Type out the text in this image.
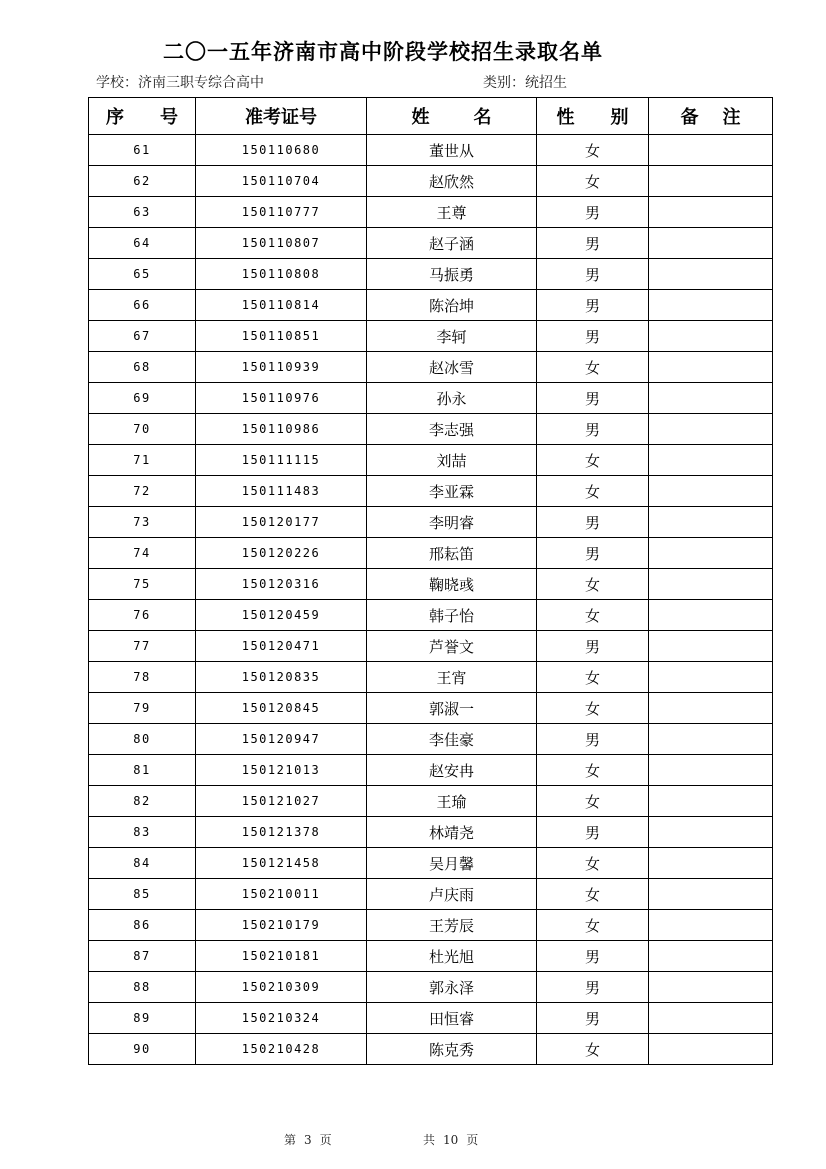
二〇一五年济南市高中阶段学校招生录取名单
学校：济南三职专综合高中	类别：统招生
序 号	准考证号	姓 名	性 别	备 注
61	150110680	董世从	女	
62	150110704	赵欣然	女	
63	150110777	王尊	男	
64	150110807	赵子涵	男	
65	150110808	马振勇	男	
66	150110814	陈治坤	男	
67	150110851	李轲	男	
68	150110939	赵冰雪	女	
69	150110976	孙永	男	
70	150110986	李志强	男	
71	150111115	刘喆	女	
72	150111483	李亚霖	女	
73	150120177	李明睿	男	
74	150120226	邢耘笛	男	
75	150120316	鞠晓彧	女	
76	150120459	韩子怡	女	
77	150120471	芦誉文	男	
78	150120835	王宵	女	
79	150120845	郭淑一	女	
80	150120947	李佳豪	男	
81	150121013	赵安冉	女	
82	150121027	王瑜	女	
83	150121378	林靖尧	男	
84	150121458	吴月馨	女	
85	150210011	卢庆雨	女	
86	150210179	王芳辰	女	
87	150210181	杜光旭	男	
88	150210309	郭永泽	男	
89	150210324	田恒睿	男	
90	150210428	陈克秀	女	
第 3 页	共 10 页
